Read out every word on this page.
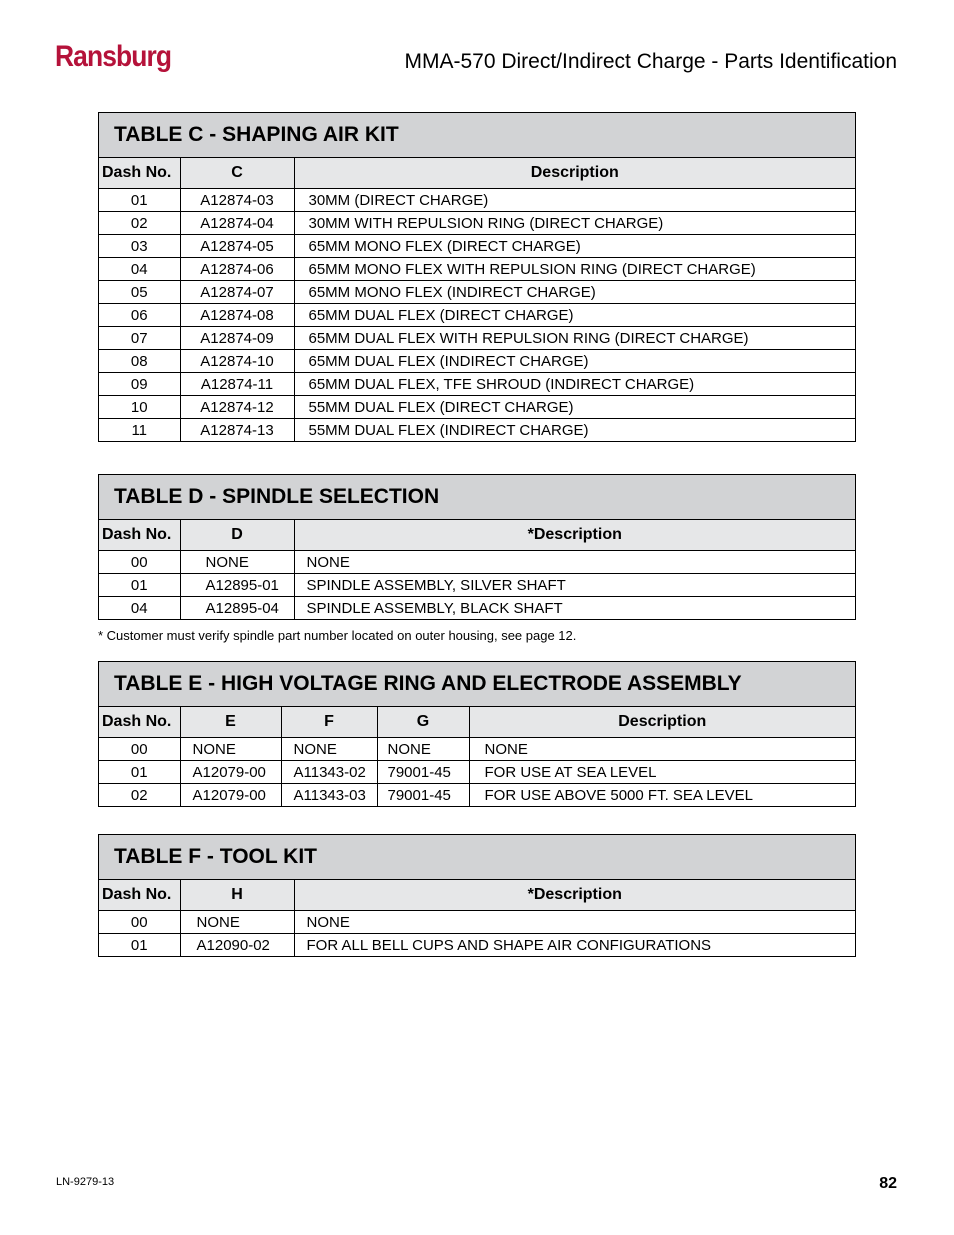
Ransburg	MMA-570 Direct/Indirect Charge - Parts Identification
TABLE C - SHAPING AIR KIT
Dash No.	C	Description
01	A12874-03	30MM (DIRECT CHARGE)
02	A12874-04	30MM WITH REPULSION RING (DIRECT CHARGE)
03	A12874-05	65MM MONO FLEX (DIRECT CHARGE)
04	A12874-06	65MM MONO FLEX WITH REPULSION RING (DIRECT CHARGE)
05	A12874-07	65MM MONO FLEX (INDIRECT CHARGE)
06	A12874-08	65MM DUAL FLEX (DIRECT CHARGE)
07	A12874-09	65MM DUAL FLEX WITH REPULSION RING (DIRECT CHARGE)
08	A12874-10	65MM DUAL FLEX (INDIRECT CHARGE)
09	A12874-11	65MM DUAL FLEX, TFE SHROUD (INDIRECT CHARGE)
10	A12874-12	55MM DUAL FLEX (DIRECT CHARGE)
11	A12874-13	55MM DUAL FLEX (INDIRECT CHARGE)
TABLE D - SPINDLE SELECTION
Dash No.	D	*Description
00	NONE	NONE
01	A12895-01	SPINDLE ASSEMBLY, SILVER SHAFT
04	A12895-04	SPINDLE ASSEMBLY, BLACK SHAFT
* Customer must verify spindle part number located on outer housing, see page 12.
TABLE E - HIGH VOLTAGE RING AND ELECTRODE ASSEMBLY
Dash No.	E	F	G	Description
00	NONE	NONE	NONE	NONE
01	A12079-00	A11343-02	79001-45	FOR USE AT SEA LEVEL
02	A12079-00	A11343-03	79001-45	FOR USE ABOVE 5000 FT. SEA LEVEL
TABLE F - TOOL KIT
Dash No.	H	*Description
00	NONE	NONE
01	A12090-02	FOR ALL BELL CUPS AND SHAPE AIR CONFIGURATIONS
LN-9279-13	82
